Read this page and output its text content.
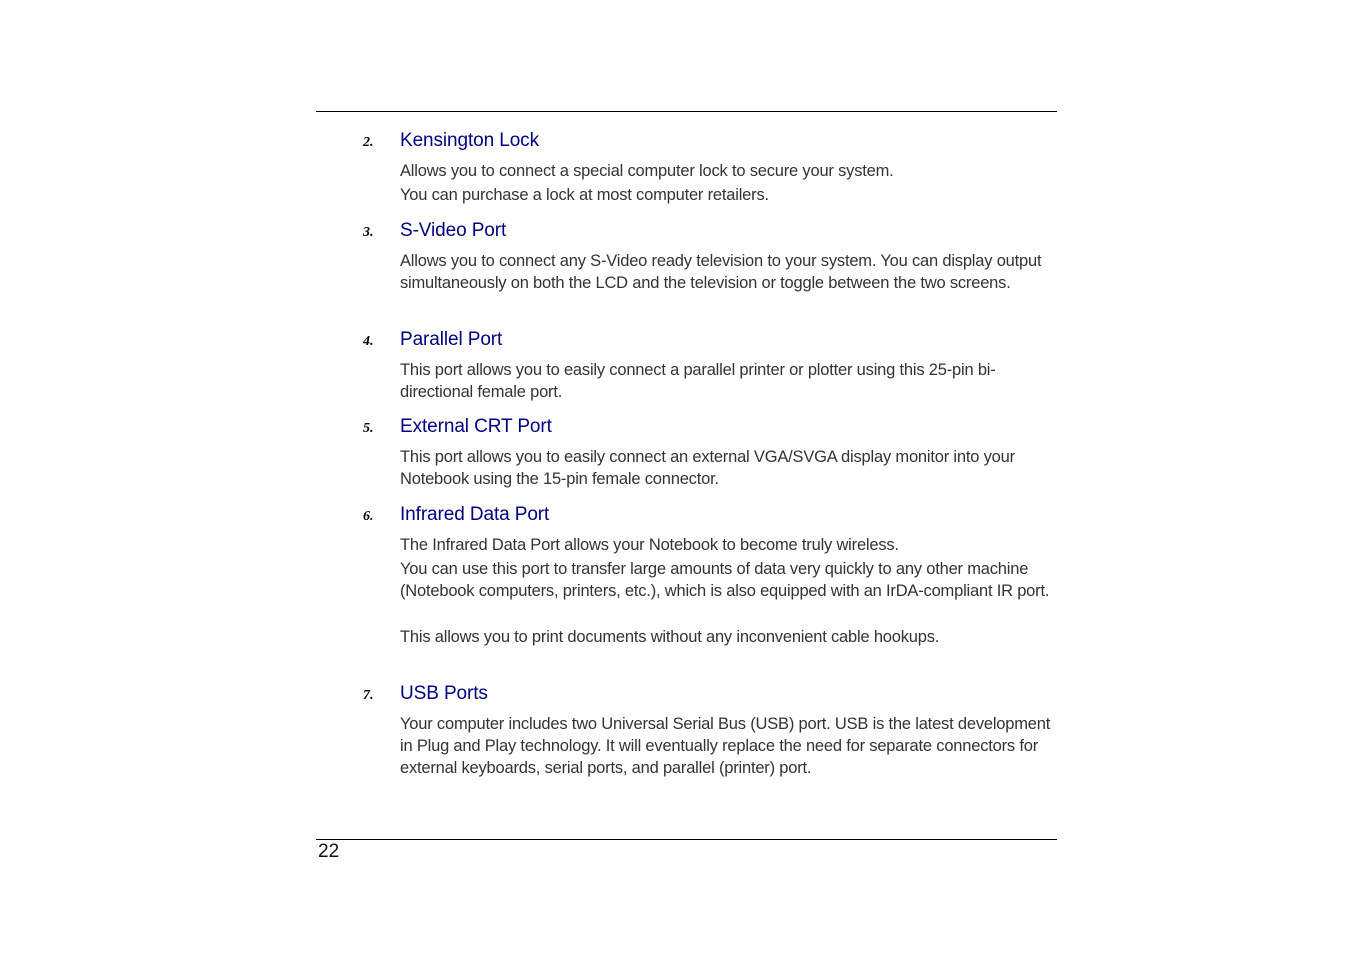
2.	Kensington Lock

Allows you to connect a special computer lock to secure your system.

You can purchase a lock at most computer retailers.

3.	S-Video Port

Allows you to connect any S-Video ready television to your system. You can display output simultaneously on both the LCD and the television or toggle between the two screens.

4.	Parallel Port

This port allows you to easily connect a parallel printer or plotter using this 25-pin bi-directional female port.

5.	External CRT Port

This port allows you to easily connect an external VGA/SVGA display monitor into your Notebook using the 15-pin female connector.

6.	Infrared Data Port

The Infrared Data Port allows your Notebook to become truly wireless.

You can use this port to transfer large amounts of data very quickly to any other machine (Notebook computers, printers, etc.), which is also equipped with an IrDA-compliant IR port.

This allows you to print documents without any inconvenient cable hookups.

7.	USB Ports

Your computer includes two Universal Serial Bus (USB) port. USB is the latest development in Plug and Play technology. It will eventually replace the need for separate connectors for external keyboards, serial ports, and parallel (printer) port.

22
